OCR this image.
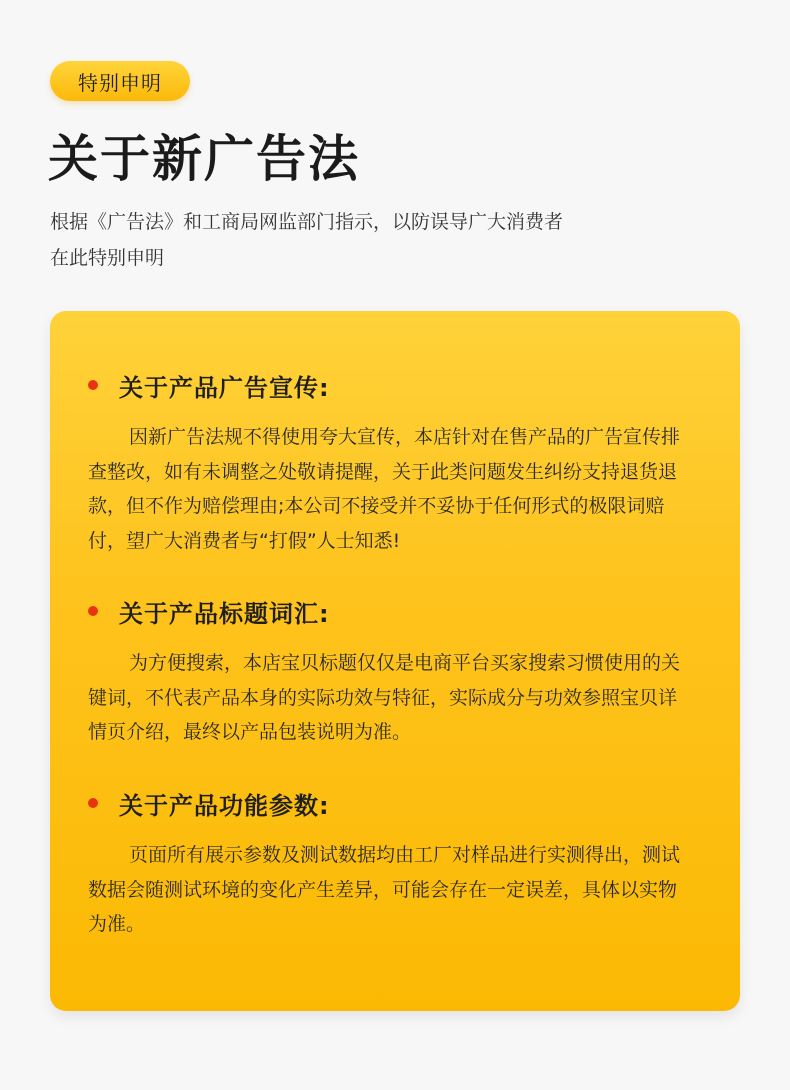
特别申明
关于新广告法
根据《广告法》和工商局网监部门指示，以防误导广大消费者
在此特别申明
关于产品广告宣传:
因新广告法规不得使用夸大宣传，本店针对在售产品的广告宣传排
查整改，如有未调整之处敬请提醒，关于此类问题发生纠纷支持退货退
款，但不作为赔偿理由;本公司不接受并不妥协于任何形式的极限词赔
付，望广大消费者与“打假”人士知悉!
关于产品标题词汇:
为方便搜索，本店宝贝标题仅仅是电商平台买家搜索习惯使用的关
键词，不代表产品本身的实际功效与特征，实际成分与功效参照宝贝详
情页介绍，最终以产品包装说明为准。
关于产品功能参数:
页面所有展示参数及测试数据均由工厂对样品进行实测得出，测试
数据会随测试环境的变化产生差异，可能会存在一定误差，具体以实物
为准。
